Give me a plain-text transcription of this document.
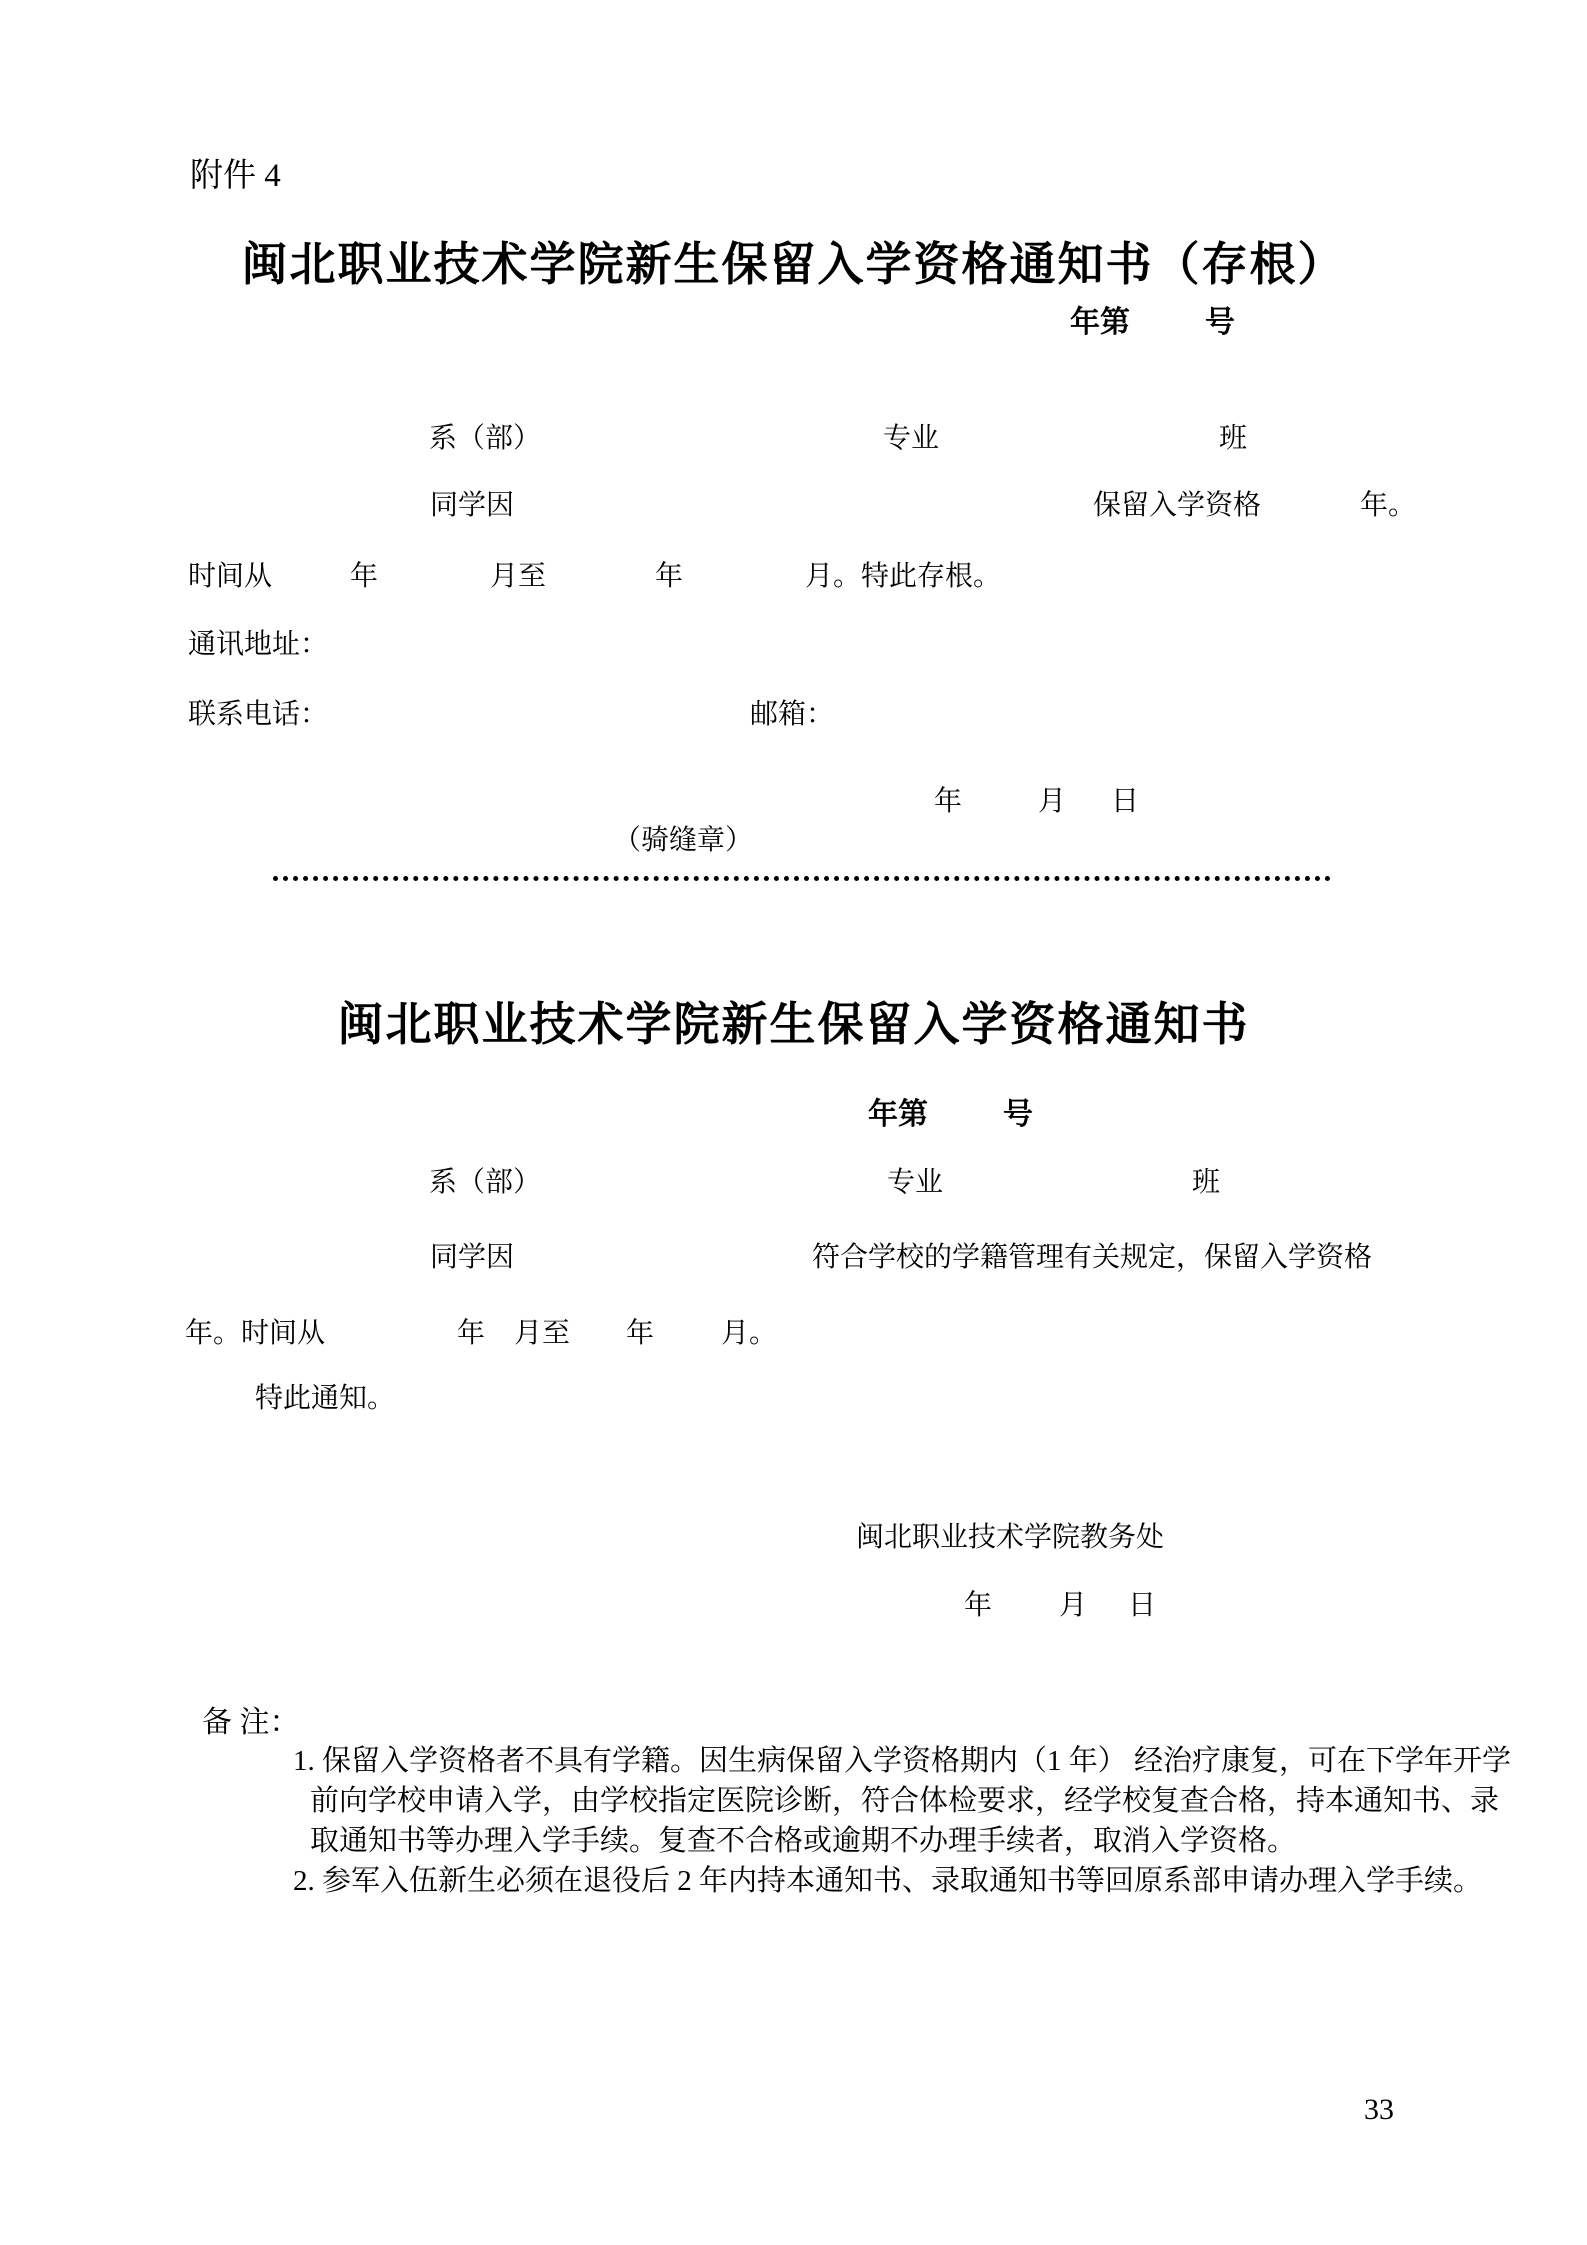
附件 4
闽北职业技术学院新生保留入学资格通知书（存根）
年第	号
系（部）	专业	班
同学因	保留入学资格	年。
时间从	年	月至	年	月。特此存根。
通讯地址：
联系电话：	邮箱：
年	月 日
（骑缝章）
闽北职业技术学院新生保留入学资格通知书
年第	号
系（部）	专业	班
同学因	符合学校的学籍管理有关规定，保留入学资格
年。时间从	年 月至 年 月。
特此通知。
闽北职业技术学院教务处
年 月 日
备 注：
1. 保留入学资格者不具有学籍。因生病保留入学资格期内（1 年） 经治疗康复，可在下学年开学
前向学校申请入学，由学校指定医院诊断，符合体检要求，经学校复查合格，持本通知书、录
取通知书等办理入学手续。复查不合格或逾期不办理手续者，取消入学资格。
2. 参军入伍新生必须在退役后 2 年内持本通知书、录取通知书等回原系部申请办理入学手续。
33
